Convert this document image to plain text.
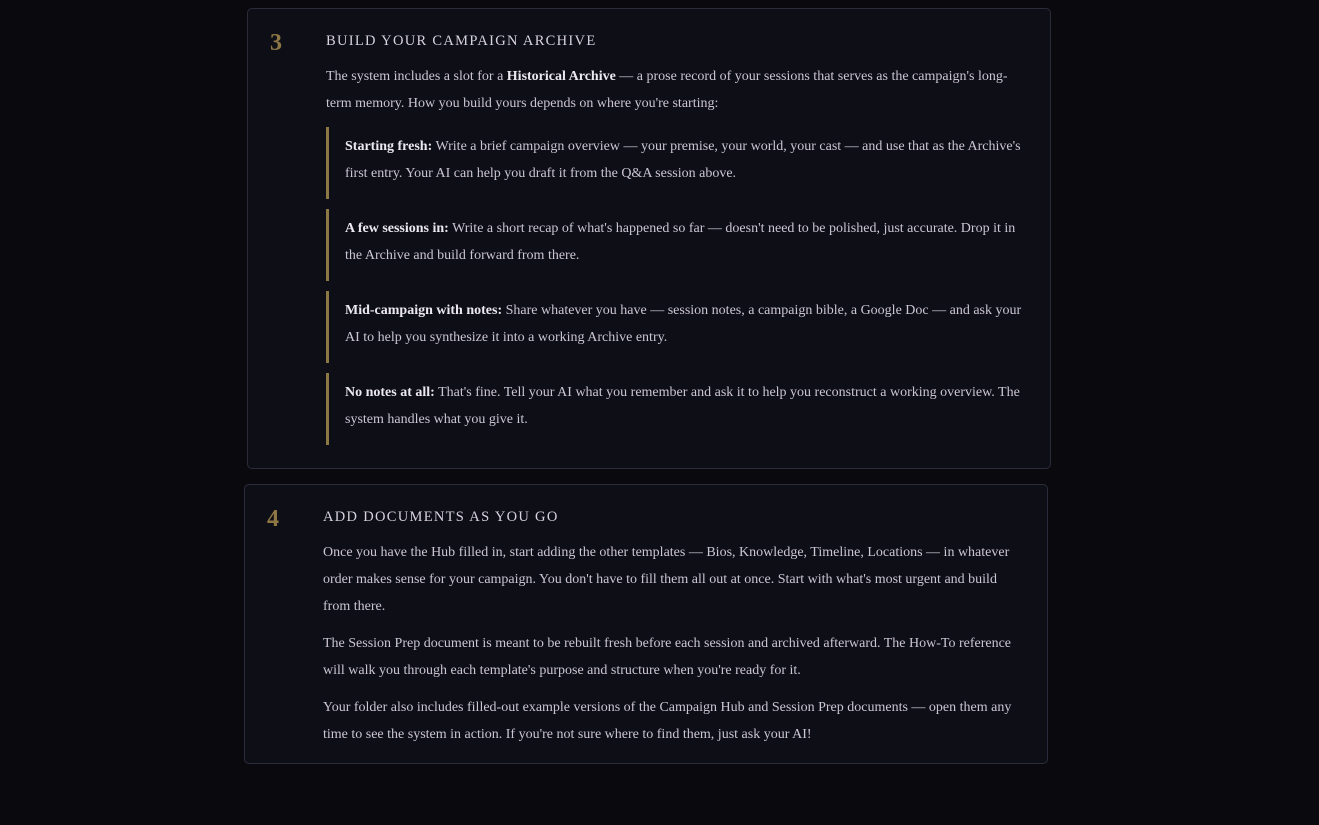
3	BUILD YOUR CAMPAIGN ARCHIVE

The system includes a slot for a Historical Archive — a prose record of your sessions that serves as the campaign's long-term memory. How you build yours depends on where you're starting:

Starting fresh: Write a brief campaign overview — your premise, your world, your cast — and use that as the Archive's first entry. Your AI can help you draft it from the Q&A session above.

A few sessions in: Write a short recap of what's happened so far — doesn't need to be polished, just accurate. Drop it in the Archive and build forward from there.

Mid-campaign with notes: Share whatever you have — session notes, a campaign bible, a Google Doc — and ask your AI to help you synthesize it into a working Archive entry.

No notes at all: That's fine. Tell your AI what you remember and ask it to help you reconstruct a working overview. The system handles what you give it.

4	ADD DOCUMENTS AS YOU GO

Once you have the Hub filled in, start adding the other templates — Bios, Knowledge, Timeline, Locations — in whatever order makes sense for your campaign. You don't have to fill them all out at once. Start with what's most urgent and build from there.

The Session Prep document is meant to be rebuilt fresh before each session and archived afterward. The How-To reference will walk you through each template's purpose and structure when you're ready for it.

Your folder also includes filled-out example versions of the Campaign Hub and Session Prep documents — open them any time to see the system in action. If you're not sure where to find them, just ask your AI!
